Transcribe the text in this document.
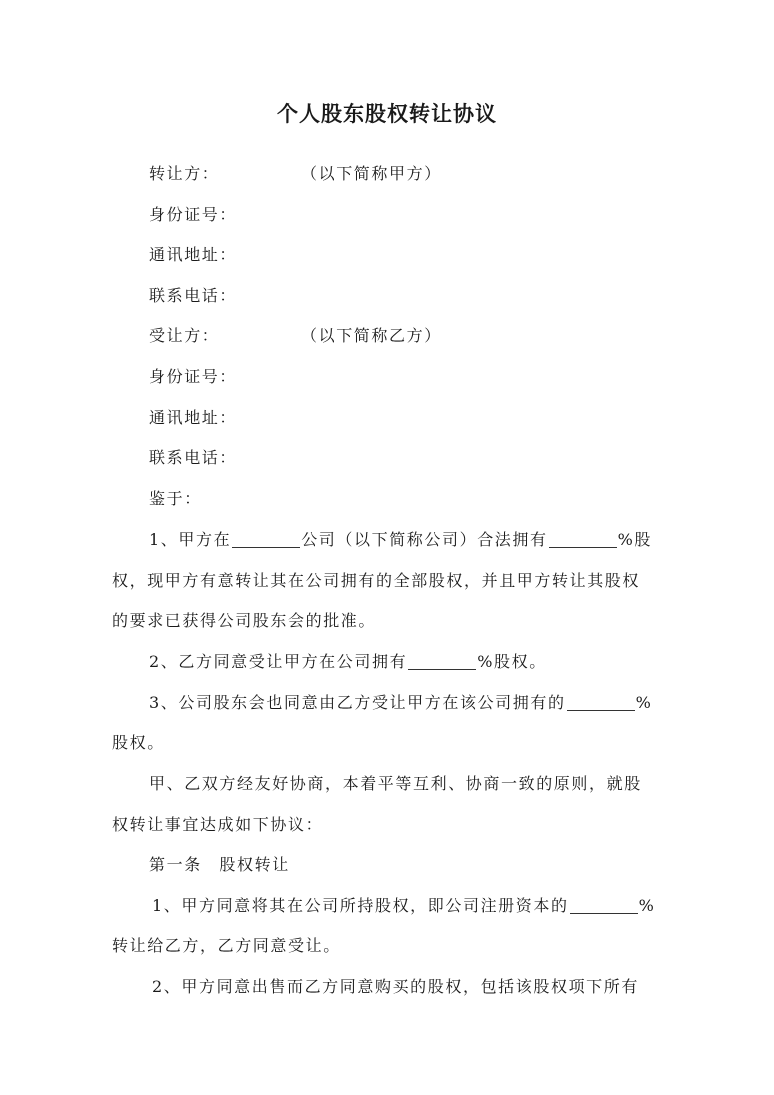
个人股东股权转让协议
转让方：	（以下简称甲方）
身份证号：
通讯地址：
联系电话：
受让方：	（以下简称乙方）
身份证号：
通讯地址：
联系电话：
鉴于：
1、甲方在	公司（以下简称公司）合法拥有	%股
权，现甲方有意转让其在公司拥有的全部股权，并且甲方转让其股权
的要求已获得公司股东会的批准。
2、乙方同意受让甲方在公司拥有	%股权。
3、公司股东会也同意由乙方受让甲方在该公司拥有的	%
股权。
甲、乙双方经友好协商，本着平等互利、协商一致的原则，就股
权转让事宜达成如下协议：
第一条　股权转让
1、甲方同意将其在公司所持股权，即公司注册资本的	%
转让给乙方，乙方同意受让。
2、甲方同意出售而乙方同意购买的股权，包括该股权项下所有
